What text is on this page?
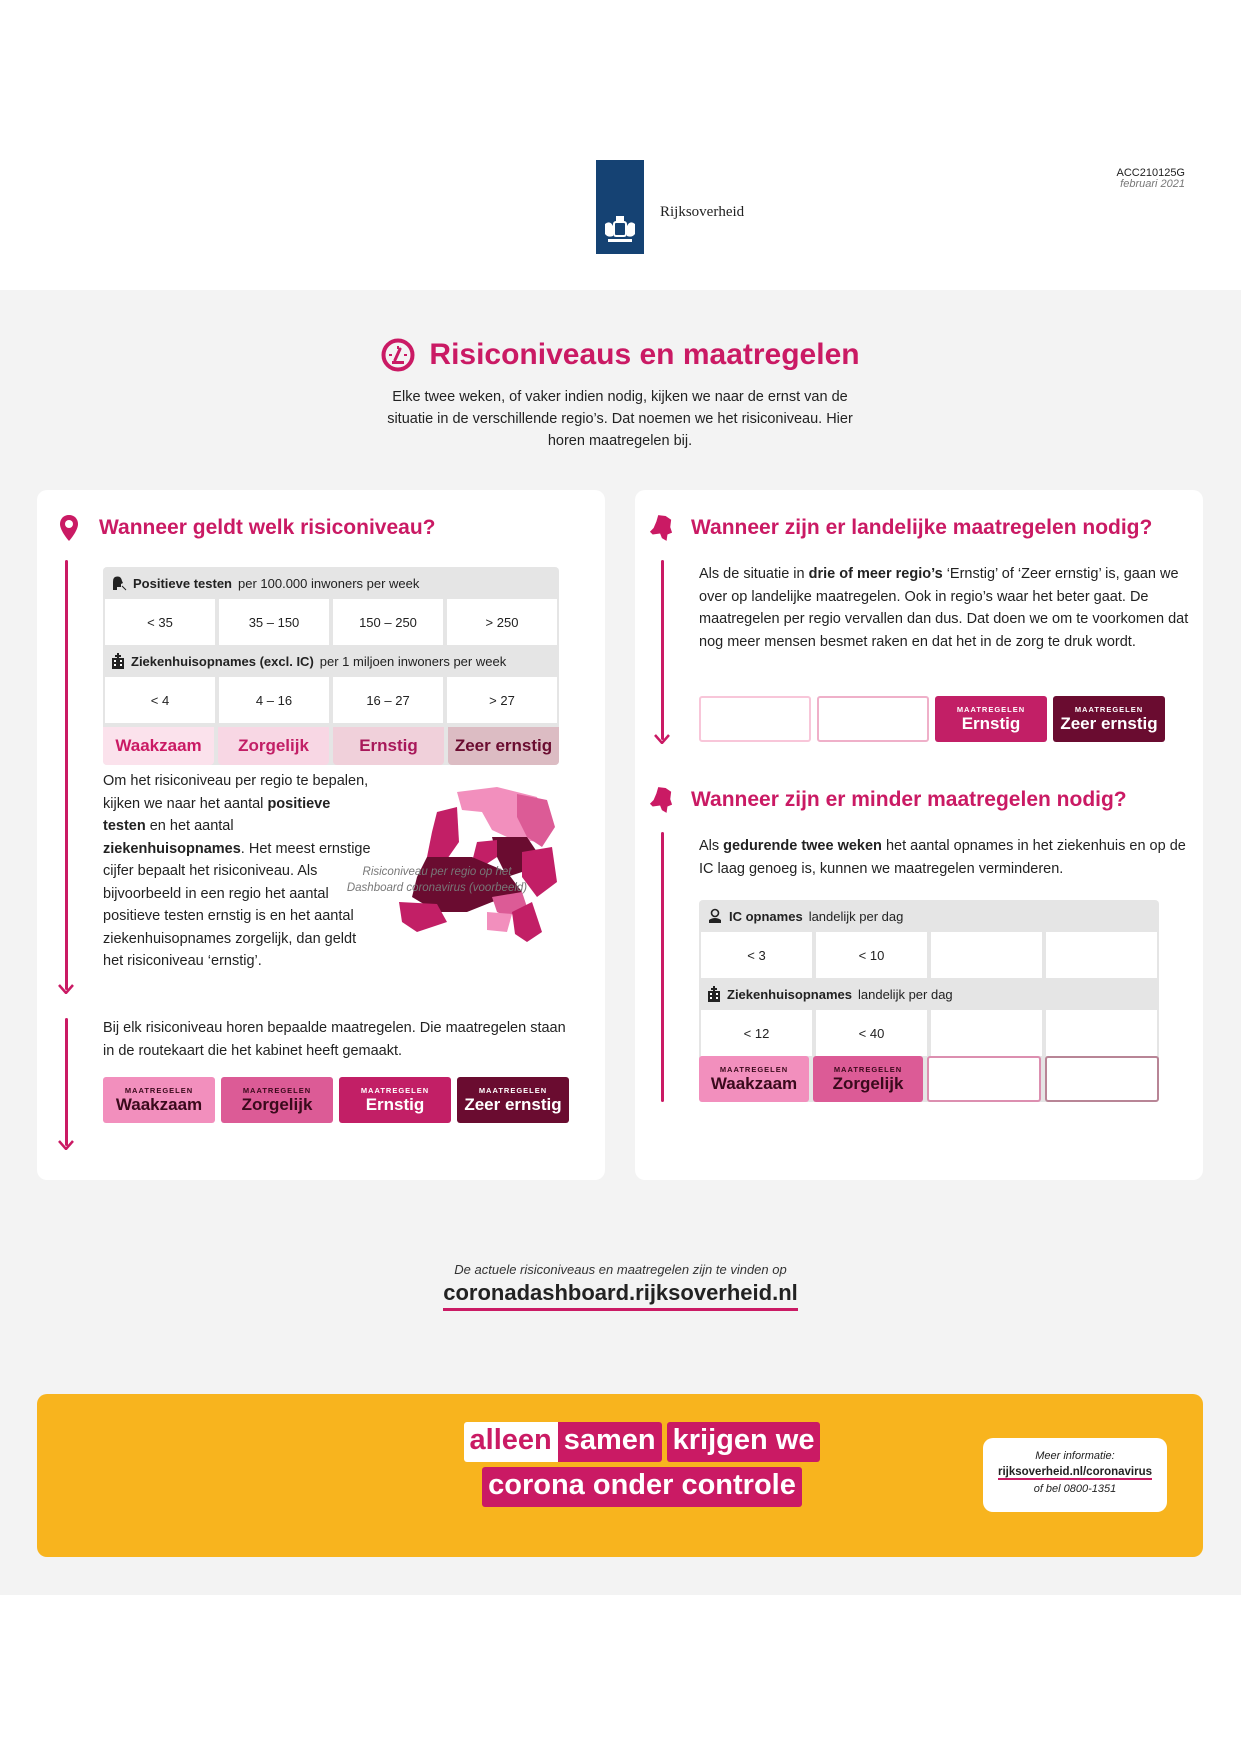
Rijksoverheid
ACC210125G
februari 2021
Risiconiveaus en maatregelen
Elke twee weken, of vaker indien nodig, kijken we naar de ernst van de situatie in de verschillende regio’s. Dat noemen we het risiconiveau. Hier horen maatregelen bij.
Wanneer geldt welk risiconiveau?
Positieve testen per 100.000 inwoners per week
< 35	35 – 150	150 – 250	> 250
Ziekenhuisopnames (excl. IC) per 1 miljoen inwoners per week
< 4	4 – 16	16 – 27	> 27
Waakzaam	Zorgelijk	Ernstig	Zeer ernstig
Om het risiconiveau per regio te bepalen, kijken we naar het aantal positieve testen en het aantal ziekenhuisopnames. Het meest ernstige cijfer bepaalt het risiconiveau. Als bijvoorbeeld in een regio het aantal positieve testen ernstig is en het aantal ziekenhuisopnames zorgelijk, dan geldt het risiconiveau ‘ernstig’.
Risiconiveau per regio op het Dashboard coronavirus (voorbeeld)
Bij elk risiconiveau horen bepaalde maatregelen. Die maatregelen staan in de routekaart die het kabinet heeft gemaakt.
MAATREGELEN
Waakzaam
MAATREGELEN
Zorgelijk
MAATREGELEN
Ernstig
MAATREGELEN
Zeer ernstig
Wanneer zijn er landelijke maatregelen nodig?
Als de situatie in drie of meer regio’s ‘Ernstig’ of ‘Zeer ernstig’ is, gaan we over op landelijke maatregelen. Ook in regio’s waar het beter gaat. De maatregelen per regio vervallen dan dus. Dat doen we om te voorkomen dat nog meer mensen besmet raken en dat het in de zorg te druk wordt.
MAATREGELEN
Ernstig
MAATREGELEN
Zeer ernstig
Wanneer zijn er minder maatregelen nodig?
Als gedurende twee weken het aantal opnames in het ziekenhuis en op de IC laag genoeg is, kunnen we maatregelen verminderen.
IC opnames landelijk per dag
< 3	< 10
Ziekenhuisopnames landelijk per dag
< 12	< 40
MAATREGELEN
Waakzaam
MAATREGELEN
Zorgelijk
De actuele risiconiveaus en maatregelen zijn te vinden op
coronadashboard.rijksoverheid.nl
alleen samen krijgen we
corona onder controle
Meer informatie:
rijksoverheid.nl/coronavirus
of bel 0800-1351
